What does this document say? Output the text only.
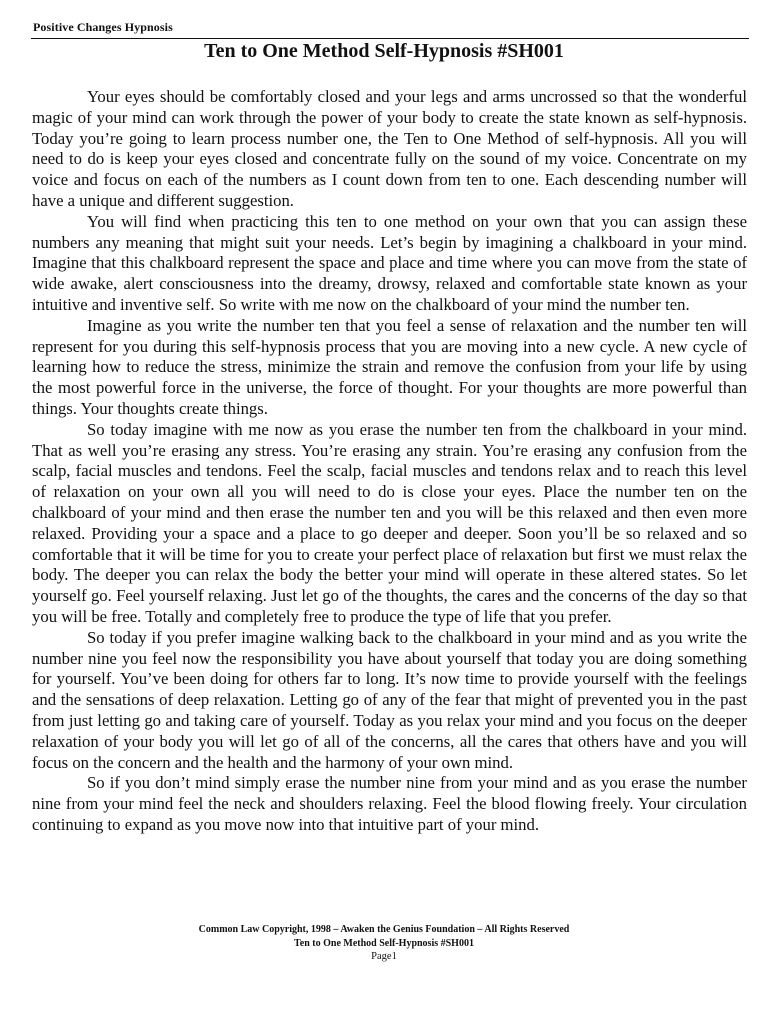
Positive Changes Hypnosis
Ten to One Method Self-Hypnosis #SH001

Your eyes should be comfortably closed and your legs and arms uncrossed so that the wonderful magic of your mind can work through the power of your body to create the state known as self-hypnosis. Today you’re going to learn process number one, the Ten to One Method of self-hypnosis. All you will need to do is keep your eyes closed and concentrate fully on the sound of my voice. Concentrate on my voice and focus on each of the numbers as I count down from ten to one. Each descending number will have a unique and different suggestion.

You will find when practicing this ten to one method on your own that you can assign these numbers any meaning that might suit your needs. Let’s begin by imagining a chalkboard in your mind. Imagine that this chalkboard represent the space and place and time where you can move from the state of wide awake, alert consciousness into the dreamy, drowsy, relaxed and comfortable state known as your intuitive and inventive self. So write with me now on the chalkboard of your mind the number ten.

Imagine as you write the number ten that you feel a sense of relaxation and the number ten will represent for you during this self-hypnosis process that you are moving into a new cycle. A new cycle of learning how to reduce the stress, minimize the strain and remove the confusion from your life by using the most powerful force in the universe, the force of thought. For your thoughts are more powerful than things. Your thoughts create things.

So today imagine with me now as you erase the number ten from the chalkboard in your mind. That as well you’re erasing any stress. You’re erasing any strain. You’re erasing any confusion from the scalp, facial muscles and tendons. Feel the scalp, facial muscles and tendons relax and to reach this level of relaxation on your own all you will need to do is close your eyes. Place the number ten on the chalkboard of your mind and then erase the number ten and you will be this relaxed and then even more relaxed. Providing your a space and a place to go deeper and deeper. Soon you’ll be so relaxed and so comfortable that it will be time for you to create your perfect place of relaxation but first we must relax the body. The deeper you can relax the body the better your mind will operate in these altered states. So let yourself go. Feel yourself relaxing. Just let go of the thoughts, the cares and the concerns of the day so that you will be free. Totally and completely free to produce the type of life that you prefer.

So today if you prefer imagine walking back to the chalkboard in your mind and as you write the number nine you feel now the responsibility you have about yourself that today you are doing something for yourself. You’ve been doing for others far to long. It’s now time to provide yourself with the feelings and the sensations of deep relaxation. Letting go of any of the fear that might of prevented you in the past from just letting go and taking care of yourself. Today as you relax your mind and you focus on the deeper relaxation of your body you will let go of all of the concerns, all the cares that others have and you will focus on the concern and the health and the harmony of your own mind.

So if you don’t mind simply erase the number nine from your mind and as you erase the number nine from your mind feel the neck and shoulders relaxing. Feel the blood flowing freely. Your circulation continuing to expand as you move now into that intuitive part of your mind.

Common Law Copyright, 1998 – Awaken the Genius Foundation – All Rights Reserved
Ten to One Method Self-Hypnosis #SH001
Page1
